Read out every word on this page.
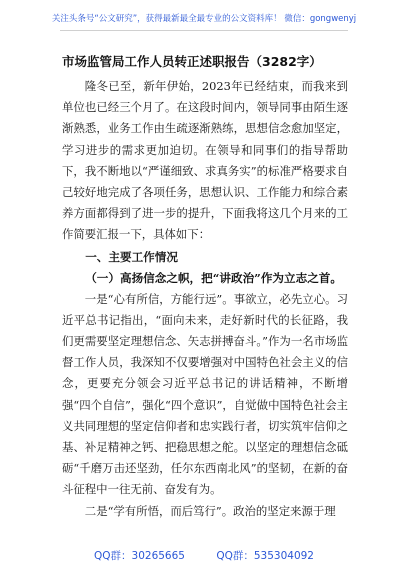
关注头条号“公文研究”，获得最新最全最专业的公文资料库！ 微信：gongwenyj
市场监管局工作人员转正述职报告（3282字）

隆冬已至，新年伊始，2023年已经结束，而我来到单位也已经三个月了。在这段时间内，领导同事由陌生逐渐熟悉，业务工作由生疏逐渐熟练，思想信念愈加坚定，学习进步的需求更加迫切。在领导和同事们的指导帮助下，我不断地以“严谨细致、求真务实”的标准严格要求自己较好地完成了各项任务，思想认识、工作能力和综合素养方面都得到了进一步的提升，下面我将这几个月来的工作简要汇报一下，具体如下：

一、主要工作情况

（一）高扬信念之帜，把“讲政治”作为立志之首。

一是“心有所信，方能行远”。事欲立，必先立心。习近平总书记指出，“面向未来，走好新时代的长征路，我们更需要坚定理想信念、矢志拼搏奋斗。”作为一名市场监督工作人员，我深知不仅要增强对中国特色社会主义的信念，更要充分领会习近平总书记的讲话精神，不断增强“四个自信”，强化“四个意识”，自觉做中国特色社会主义共同理想的坚定信仰者和忠实践行者，切实筑牢信仰之基、补足精神之钙、把稳思想之舵。以坚定的理想信念砥砺“千磨万击还坚劲，任尔东西南北风”的坚韧，在新的奋斗征程中一往无前、奋发有为。

二是“学有所悟，而后笃行”。政治的坚定来源于理

QQ群：30265665	QQ群：535304092
